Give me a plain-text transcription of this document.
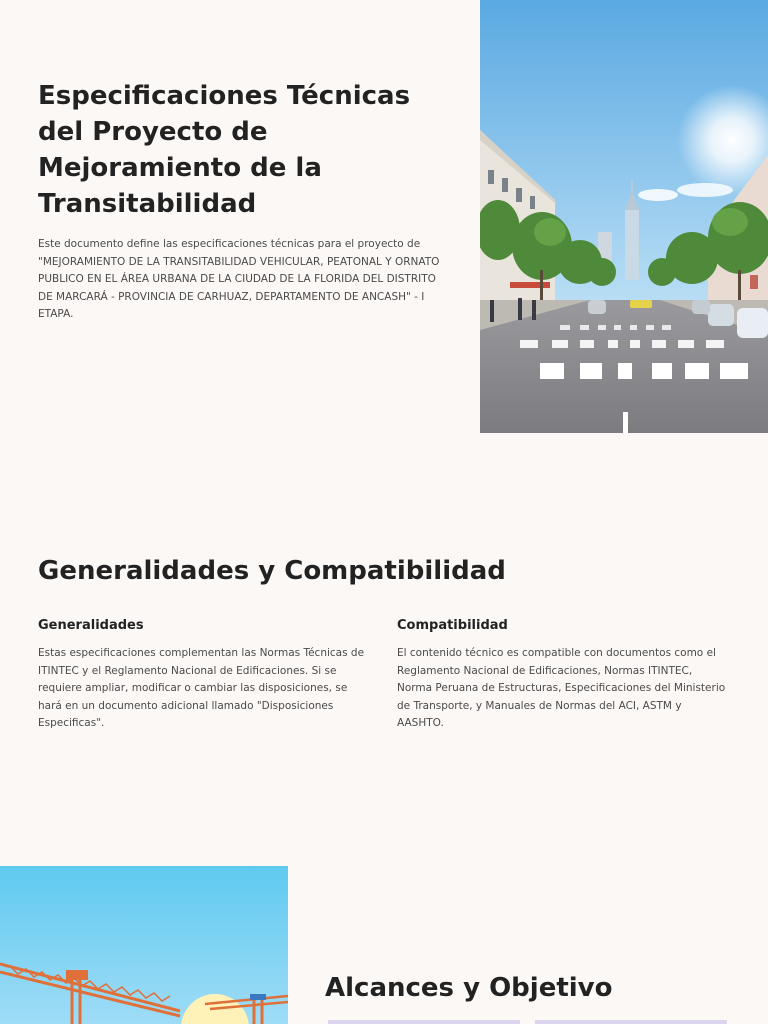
Especificaciones Técnicas del Proyecto de Mejoramiento de la Transitabilidad

Este documento define las especificaciones técnicas para el proyecto de "MEJORAMIENTO DE LA TRANSITABILIDAD VEHICULAR, PEATONAL Y ORNATO PUBLICO EN EL ÁREA URBANA DE LA CIUDAD DE LA FLORIDA DEL DISTRITO DE MARCARÁ - PROVINCIA DE CARHUAZ, DEPARTAMENTO DE ANCASH" - I ETAPA.

Generalidades y Compatibilidad
Generalidades

Estas especificaciones complementan las Normas Técnicas de ITINTEC y el Reglamento Nacional de Edificaciones. Si se requiere ampliar, modificar o cambiar las disposiciones, se hará en un documento adicional llamado "Disposiciones Especificas".

Compatibilidad

El contenido técnico es compatible con documentos como el Reglamento Nacional de Edificaciones, Normas ITINTEC, Norma Peruana de Estructuras, Especificaciones del Ministerio de Transporte, y Manuales de Normas del ACI, ASTM y AASHTO.

Alcances y Objetivo
